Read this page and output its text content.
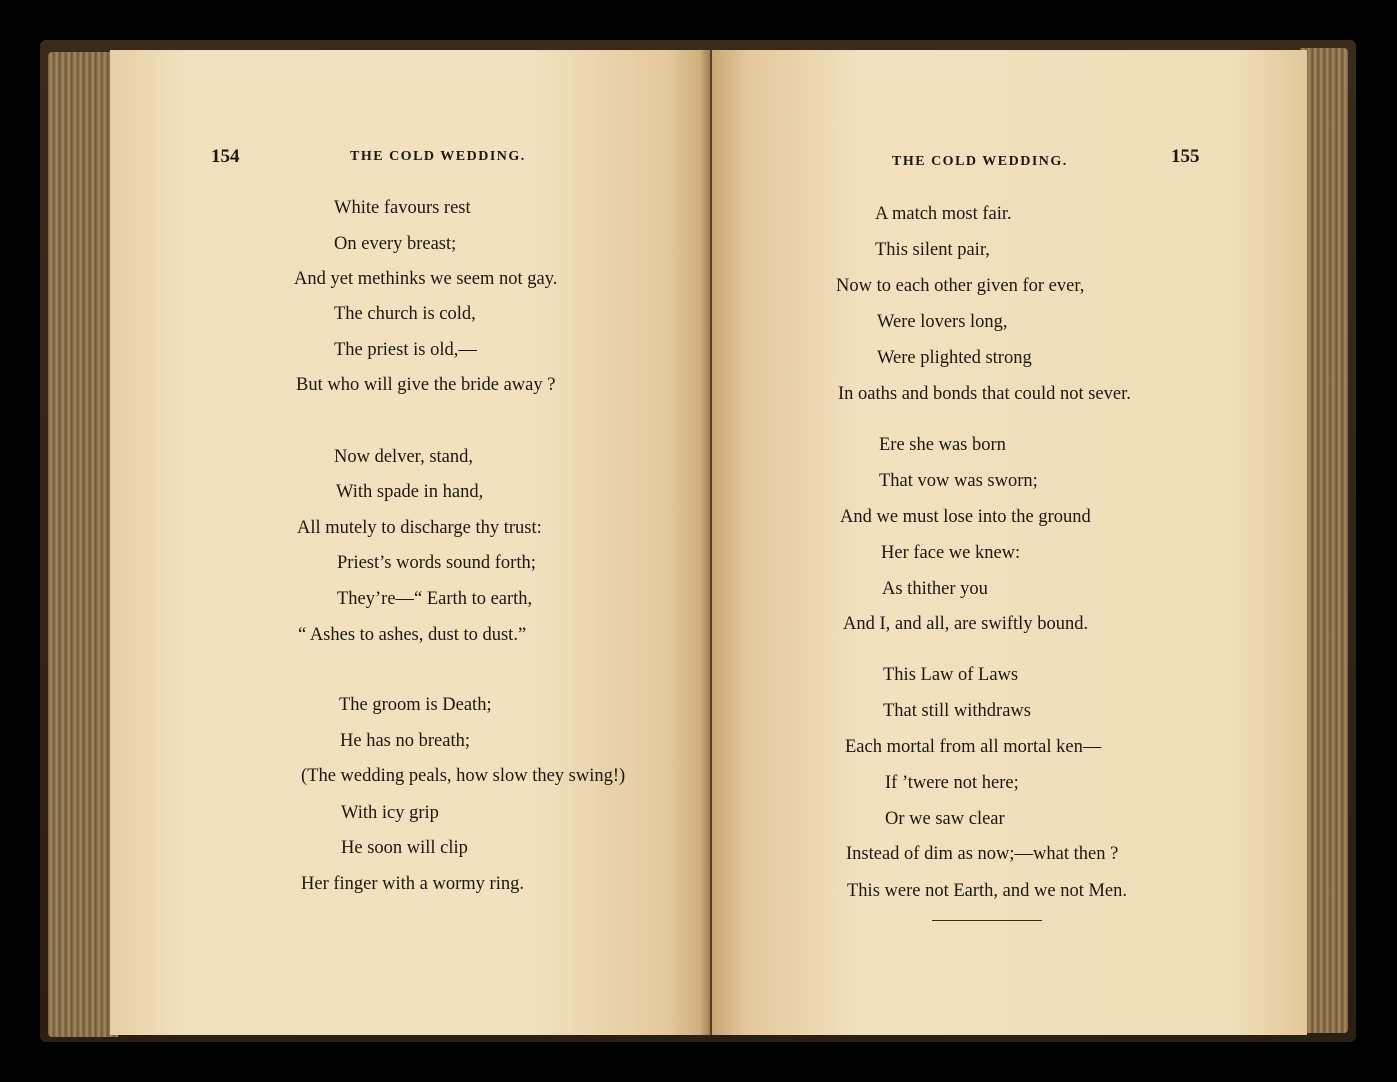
154	THE COLD WEDDING.
White favours rest
On every breast;
And yet methinks we seem not gay.
The church is cold,
The priest is old,—
But who will give the bride away ?
Now delver, stand,
With spade in hand,
All mutely to discharge thy trust:
Priest’s words sound forth;
They’re—“ Earth to earth,
“ Ashes to ashes, dust to dust.”
The groom is Death;
He has no breath;
(The wedding peals, how slow they swing!)
With icy grip
He soon will clip
Her finger with a wormy ring.
THE COLD WEDDING.	155
A match most fair.
This silent pair,
Now to each other given for ever,
Were lovers long,
Were plighted strong
In oaths and bonds that could not sever.
Ere she was born
That vow was sworn;
And we must lose into the ground
Her face we knew:
As thither you
And I, and all, are swiftly bound.
This Law of Laws
That still withdraws
Each mortal from all mortal ken—
If ’twere not here;
Or we saw clear
Instead of dim as now;—what then ?
This were not Earth, and we not Men.
